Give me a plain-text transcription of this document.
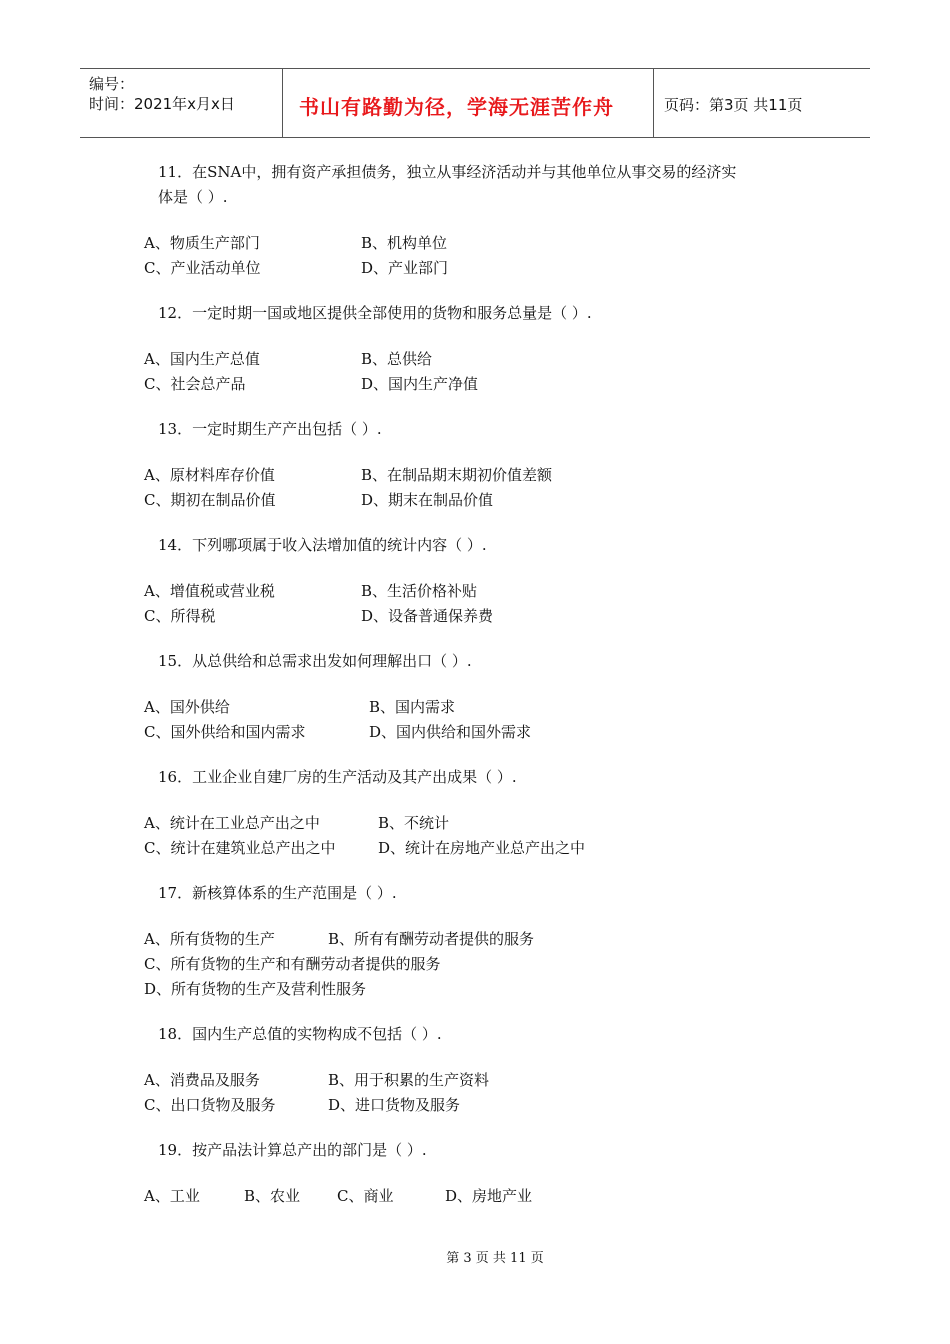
编号：
时间：2021年x月x日	书山有路勤为径，学海无涯苦作舟	页码：第3页 共11页
11．在SNA中，拥有资产承担债务，独立从事经济活动并与其他单位从事交易的经济实
体是（ ）.
A、物质生产部门	B、机构单位
C、产业活动单位	D、产业部门
12．一定时期一国或地区提供全部使用的货物和服务总量是（ ）.
A、国内生产总值	B、总供给
C、社会总产品	D、国内生产净值
13．一定时期生产产出包括（ ）.
A、原材料库存价值	B、在制品期末期初价值差额
C、期初在制品价值	D、期末在制品价值
14．下列哪项属于收入法增加值的统计内容（ ）.
A、增值税或营业税	B、生活价格补贴
C、所得税	D、设备普通保养费
15．从总供给和总需求出发如何理解出口（ ）.
A、国外供给	B、国内需求
C、国外供给和国内需求	D、国内供给和国外需求
16．工业企业自建厂房的生产活动及其产出成果（ ）.
A、统计在工业总产出之中	B、不统计
C、统计在建筑业总产出之中	D、统计在房地产业总产出之中
17．新核算体系的生产范围是（ ）.
A、所有货物的生产	B、所有有酬劳动者提供的服务
C、所有货物的生产和有酬劳动者提供的服务
D、所有货物的生产及营利性服务
18．国内生产总值的实物构成不包括（ ）.
A、消费品及服务	B、用于积累的生产资料
C、出口货物及服务	D、进口货物及服务
19．按产品法计算总产出的部门是（ ）.
A、工业	B、农业 C、商业	D、房地产业
第 3 页 共 11 页
